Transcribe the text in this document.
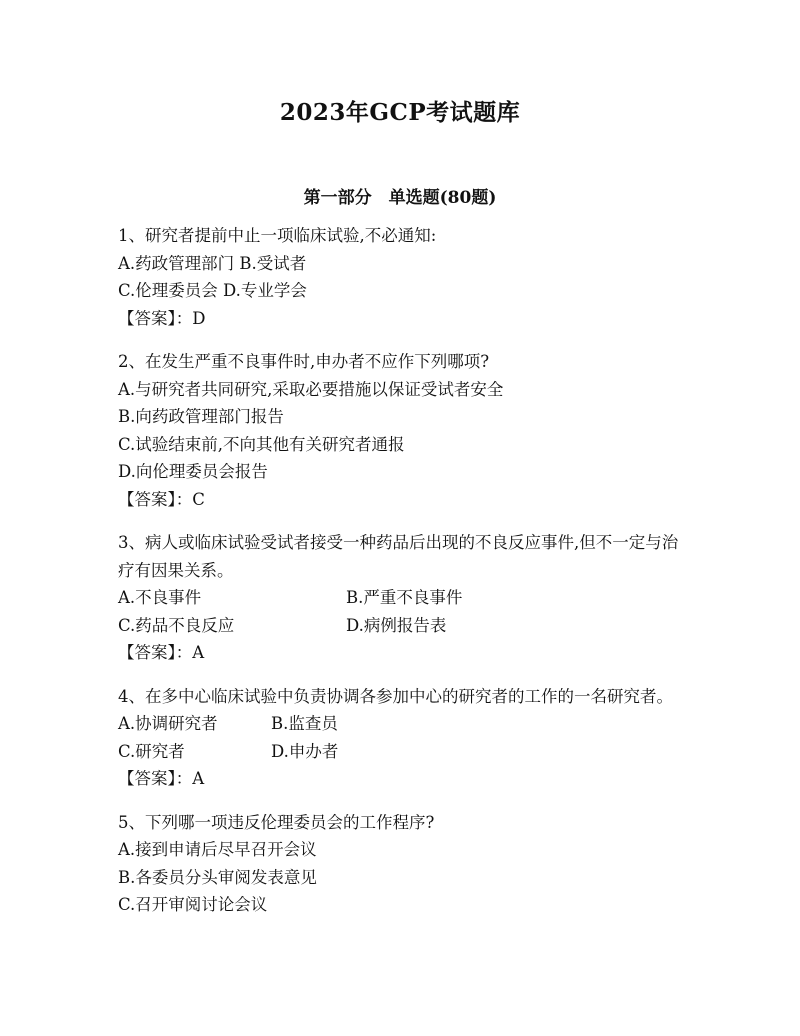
2023年GCP考试题库
第一部分　单选题(80题)
1、研究者提前中止一项临床试验,不必通知:
A.药政管理部门 B.受试者
C.伦理委员会 D.专业学会
【答案】：D
2、在发生严重不良事件时,申办者不应作下列哪项?
A.与研究者共同研究,采取必要措施以保证受试者安全
B.向药政管理部门报告
C.试验结束前,不向其他有关研究者通报
D.向伦理委员会报告
【答案】：C
3、病人或临床试验受试者接受一种药品后出现的不良反应事件,但不一定与治疗有因果关系。
A.不良事件	B.严重不良事件
C.药品不良反应	D.病例报告表
【答案】：A
4、在多中心临床试验中负责协调各参加中心的研究者的工作的一名研究者。
A.协调研究者	B.监查员
C.研究者	D.申办者
【答案】：A
5、下列哪一项违反伦理委员会的工作程序?
A.接到申请后尽早召开会议
B.各委员分头审阅发表意见
C.召开审阅讨论会议
